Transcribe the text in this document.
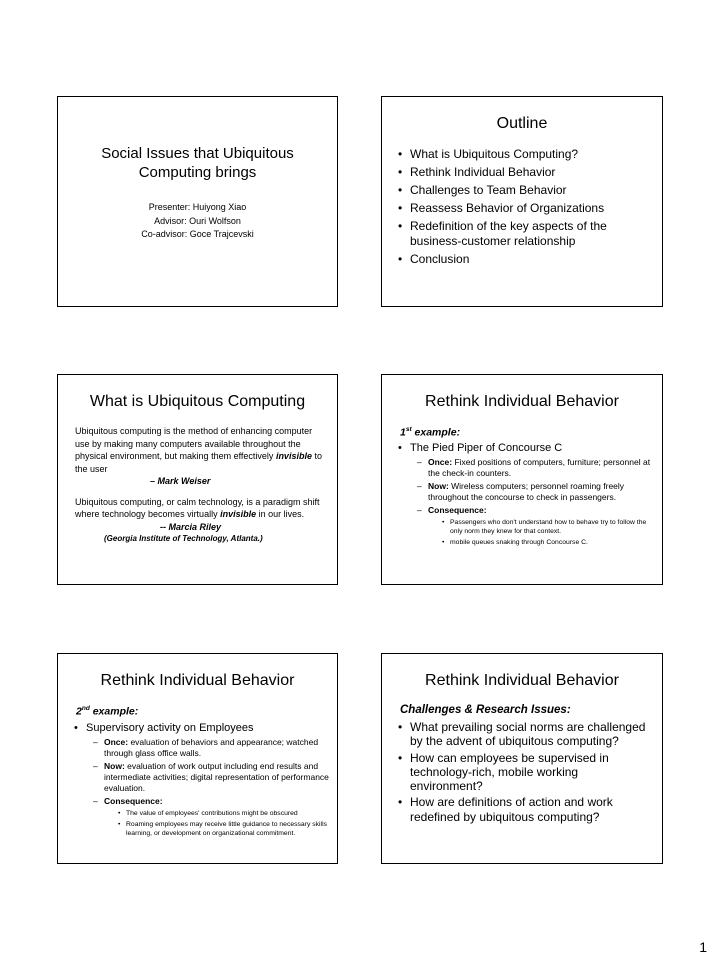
Social Issues that Ubiquitous Computing brings
Presenter: Huiyong Xiao
Advisor: Ouri Wolfson
Co-advisor: Goce Trajcevski
Outline
• What is Ubiquitous Computing?
• Rethink Individual Behavior
• Challenges to Team Behavior
• Reassess Behavior of Organizations
• Redefinition of the key aspects of the business-customer relationship
• Conclusion
What is Ubiquitous Computing

Ubiquitous computing is the method of enhancing computer use by making many computers available throughout the physical environment, but making them effectively invisible to the user

– Mark Weiser

Ubiquitous computing, or calm technology, is a paradigm shift where technology becomes virtually invisible in our lives.

-- Marcia Riley

(Georgia Institute of Technology, Atlanta.)

Rethink Individual Behavior
1st example:
• The Pied Piper of Concourse C
– Once: Fixed positions of computers, furniture; personnel at the check-in counters.
– Now: Wireless computers; personnel roaming freely throughout the concourse to check in passengers.
– Consequence:
• Passengers who don't understand how to behave try to follow the only norm they knew for that context.
• mobile queues snaking through Concourse C.
Rethink Individual Behavior
2nd example:
• Supervisory activity on Employees
– Once: evaluation of behaviors and appearance; watched through glass office walls.
– Now: evaluation of work output including end results and intermediate activities; digital representation of performance evaluation.
– Consequence:
• The value of employees' contributions might be obscured
• Roaming employees may receive little guidance to necessary skills learning, or development on organizational commitment.
Rethink Individual Behavior
Challenges & Research Issues:
• What prevailing social norms are challenged by the advent of ubiquitous computing?
• How can employees be supervised in technology-rich, mobile working environment?
• How are definitions of action and work redefined by ubiquitous computing?
1
